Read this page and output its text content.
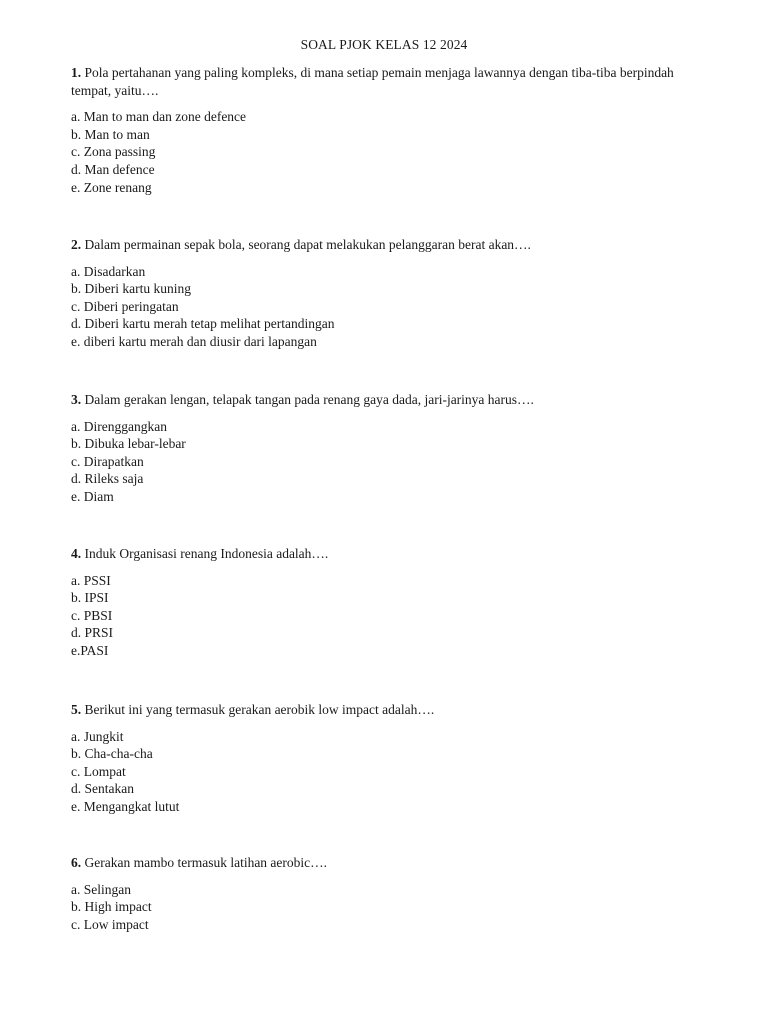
SOAL PJOK KELAS 12 2024

1. Pola pertahanan yang paling kompleks, di mana setiap pemain menjaga lawannya dengan tiba-tiba berpindah tempat, yaitu….

a. Man to man dan zone defence
b. Man to man
c. Zona passing
d. Man defence
e. Zone renang

2. Dalam permainan sepak bola, seorang dapat melakukan pelanggaran berat akan….

a. Disadarkan
b. Diberi kartu kuning
c. Diberi peringatan
d. Diberi kartu merah tetap melihat pertandingan
e. diberi kartu merah dan diusir dari lapangan

3. Dalam gerakan lengan, telapak tangan pada renang gaya dada, jari-jarinya harus….

a. Direnggangkan
b. Dibuka lebar-lebar
c. Dirapatkan
d. Rileks saja
e. Diam

4. Induk Organisasi renang Indonesia adalah….

a. PSSI
b. IPSI
c. PBSI
d. PRSI
e.PASI

5. Berikut ini yang termasuk gerakan aerobik low impact adalah….

a. Jungkit
b. Cha-cha-cha
c. Lompat
d. Sentakan
e. Mengangkat lutut

6. Gerakan mambo termasuk latihan aerobic….

a. Selingan
b. High impact
c. Low impact
